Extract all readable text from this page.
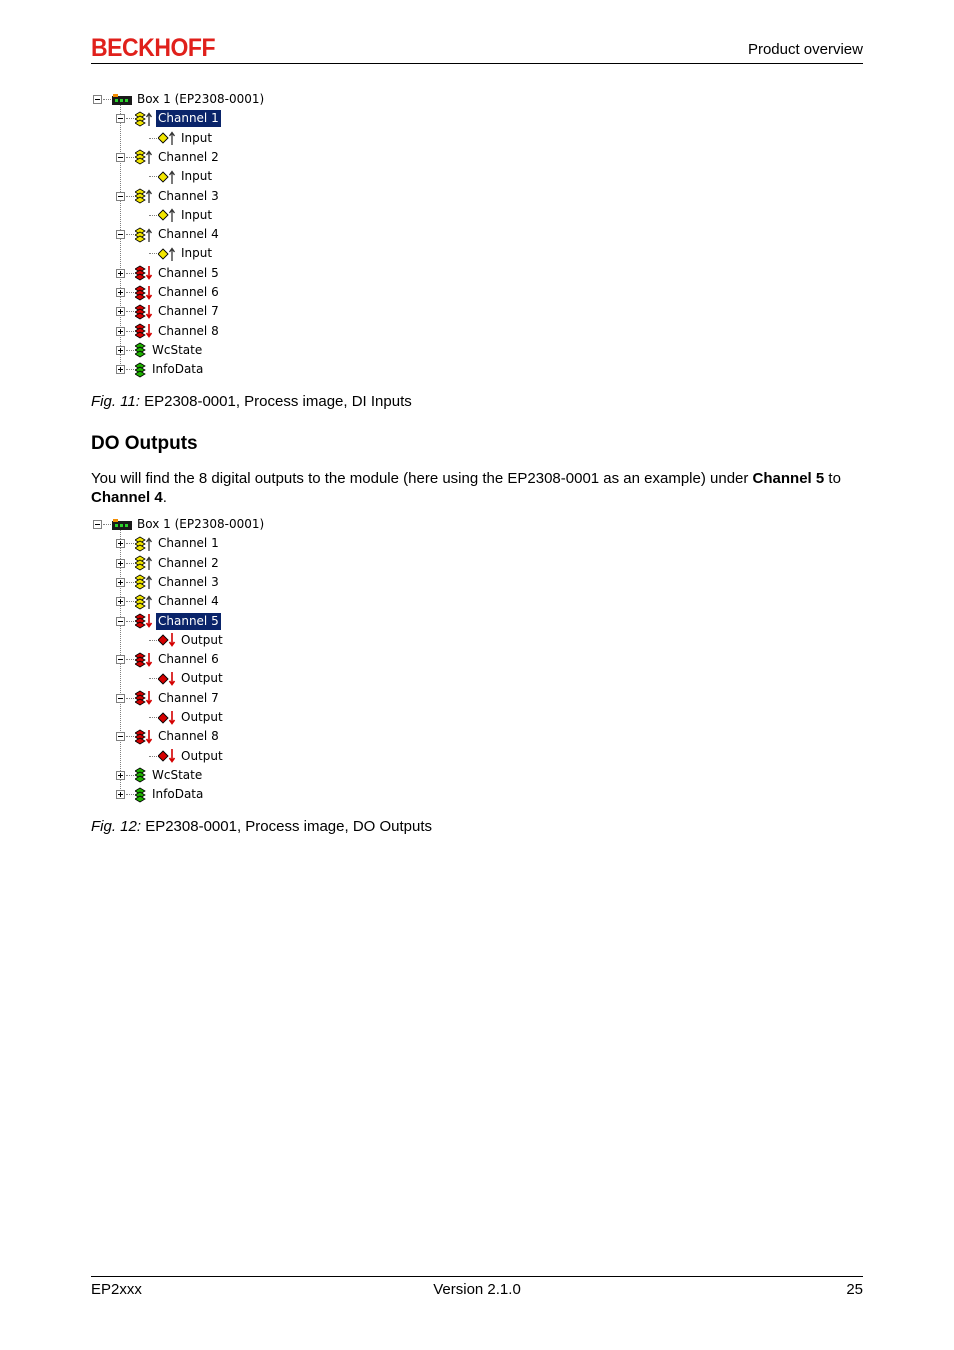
BECKHOFF	Product overview
Box 1 (EP2308-0001)
Channel 1
Input
Channel 2
Input
Channel 3
Input
Channel 4
Input
Channel 5
Channel 6
Channel 7
Channel 8
WcState
InfoData
Fig. 11: EP2308-0001, Process image, DI Inputs
DO Outputs
You will find the 8 digital outputs to the module (here using the EP2308-0001 as an example) under Channel 5 to Channel 4.
Box 1 (EP2308-0001)
Channel 1
Channel 2
Channel 3
Channel 4
Channel 5
Output
Channel 6
Output
Channel 7
Output
Channel 8
Output
WcState
InfoData
Fig. 12: EP2308-0001, Process image, DO Outputs
EP2xxx	Version 2.1.0	25
